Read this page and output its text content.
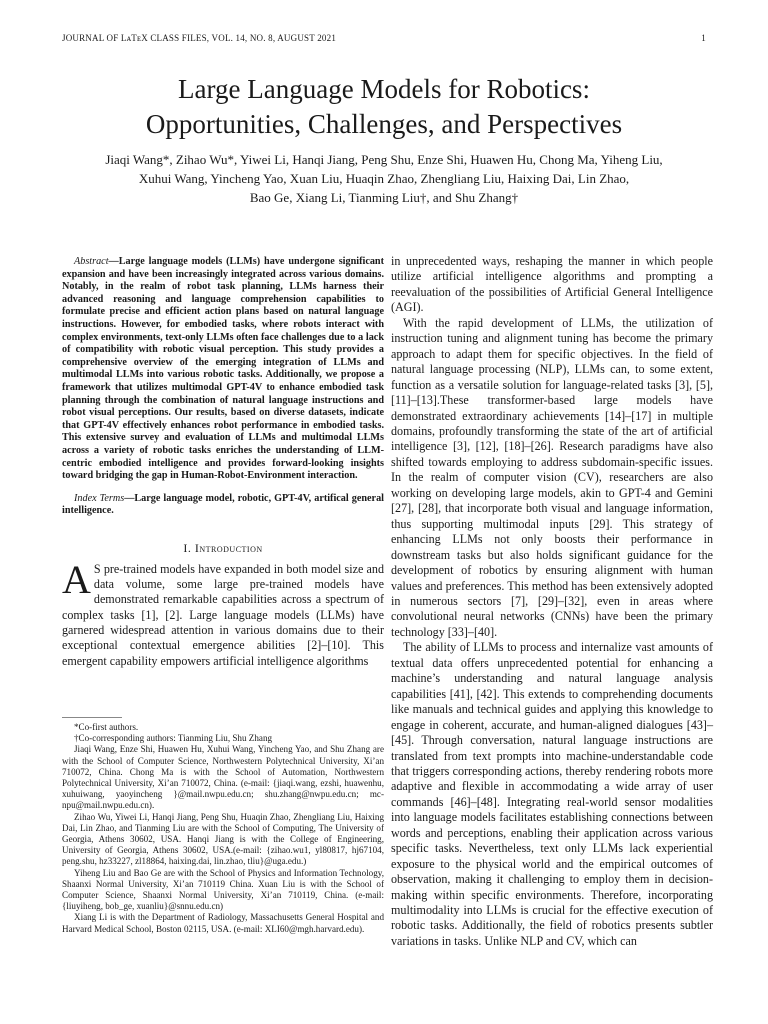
JOURNAL OF LᴀTᴇX CLASS FILES, VOL. 14, NO. 8, AUGUST 2021	1
Large Language Models for Robotics:
Opportunities, Challenges, and Perspectives
Jiaqi Wang*, Zihao Wu*, Yiwei Li, Hanqi Jiang, Peng Shu, Enze Shi, Huawen Hu, Chong Ma, Yiheng Liu,
Xuhui Wang, Yincheng Yao, Xuan Liu, Huaqin Zhao, Zhengliang Liu, Haixing Dai, Lin Zhao,
Bao Ge, Xiang Li, Tianming Liu†, and Shu Zhang†

Abstract—Large language models (LLMs) have undergone significant expansion and have been increasingly integrated across various domains. Notably, in the realm of robot task planning, LLMs harness their advanced reasoning and language comprehension capabilities to formulate precise and efficient action plans based on natural language instructions. However, for embodied tasks, where robots interact with complex environments, text-only LLMs often face challenges due to a lack of compatibility with robotic visual perception. This study provides a comprehensive overview of the emerging integration of LLMs and multimodal LLMs into various robotic tasks. Additionally, we propose a framework that utilizes multimodal GPT-4V to enhance embodied task planning through the combination of natural language instructions and robot visual perceptions. Our results, based on diverse datasets, indicate that GPT-4V effectively enhances robot performance in embodied tasks. This extensive survey and evaluation of LLMs and multimodal LLMs across a variety of robotic tasks enriches the understanding of LLM-centric embodied intelligence and provides forward-looking insights toward bridging the gap in Human-Robot-Environment interaction.

Index Terms—Large language model, robotic, GPT-4V, artifical general intelligence.

I. Introduction

A S pre-trained models have expanded in both model size and data volume, some large pre-trained models have demonstrated remarkable capabilities across a spectrum of complex tasks [1], [2]. Large language models (LLMs) have garnered widespread attention in various domains due to their exceptional contextual emergence abilities [2]–[10]. This emergent capability empowers artificial intelligence algorithms

*Co-first authors.

†Co-corresponding authors: Tianming Liu, Shu Zhang

Jiaqi Wang, Enze Shi, Huawen Hu, Xuhui Wang, Yincheng Yao, and Shu Zhang are with the School of Computer Science, Northwestern Polytechnical University, Xi’an 710072, China. Chong Ma is with the School of Automation, Northwestern Polytechnical University, Xi’an 710072, China. (e-mail: {jiaqi.wang, ezshi, huawenhu, xuhuiwang, yaoyincheng }@mail.nwpu.edu.cn; shu.zhang@nwpu.edu.cn; mc-npu@mail.nwpu.edu.cn).

Zihao Wu, Yiwei Li, Hanqi Jiang, Peng Shu, Huaqin Zhao, Zhengliang Liu, Haixing Dai, Lin Zhao, and Tianming Liu are with the School of Computing, The University of Georgia, Athens 30602, USA. Hanqi Jiang is with the College of Engineering, University of Georgia, Athens 30602, USA.(e-mail: {zihao.wu1, yl80817, hj67104, peng.shu, hz33227, zl18864, haixing.dai, lin.zhao, tliu}@uga.edu.)

Yiheng Liu and Bao Ge are with the School of Physics and Information Technology, Shaanxi Normal University, Xi’an 710119 China. Xuan Liu is with the School of Computer Science, Shaanxi Normal University, Xi’an 710119, China. (e-mail: {liuyiheng, bob_ge, xuanliu}@snnu.edu.cn)

Xiang Li is with the Department of Radiology, Massachusetts General Hospital and Harvard Medical School, Boston 02115, USA. (e-mail: XLI60@mgh.harvard.edu).

in unprecedented ways, reshaping the manner in which people utilize artificial intelligence algorithms and prompting a reevaluation of the possibilities of Artificial General Intelligence (AGI).

With the rapid development of LLMs, the utilization of instruction tuning and alignment tuning has become the primary approach to adapt them for specific objectives. In the field of natural language processing (NLP), LLMs can, to some extent, function as a versatile solution for language-related tasks [3], [5], [11]–[13].These transformer-based large models have demonstrated extraordinary achievements [14]–[17] in multiple domains, profoundly transforming the state of the art of artificial intelligence [3], [12], [18]–[26]. Research paradigms have also shifted towards employing to address subdomain-specific issues. In the realm of computer vision (CV), researchers are also working on developing large models, akin to GPT-4 and Gemini [27], [28], that incorporate both visual and language information, thus supporting multimodal inputs [29]. This strategy of enhancing LLMs not only boosts their performance in downstream tasks but also holds significant guidance for the development of robotics by ensuring alignment with human values and preferences. This method has been extensively adopted in numerous sectors [7], [29]–[32], even in areas where convolutional neural networks (CNNs) have been the primary technology [33]–[40].

The ability of LLMs to process and internalize vast amounts of textual data offers unprecedented potential for enhancing a machine’s understanding and natural language analysis capabilities [41], [42]. This extends to comprehending documents like manuals and technical guides and applying this knowledge to engage in coherent, accurate, and human-aligned dialogues [43]–[45]. Through conversation, natural language instructions are translated from text prompts into machine-understandable code that triggers corresponding actions, thereby rendering robots more adaptive and flexible in accommodating a wide array of user commands [46]–[48]. Integrating real-world sensor modalities into language models facilitates establishing connections between words and perceptions, enabling their application across various specific tasks. Nevertheless, text only LLMs lack experiential exposure to the physical world and the empirical outcomes of observation, making it challenging to employ them in decision-making within specific environments. Therefore, incorporating multimodality into LLMs is crucial for the effective execution of robotic tasks. Additionally, the field of robotics presents subtler variations in tasks. Unlike NLP and CV, which can
